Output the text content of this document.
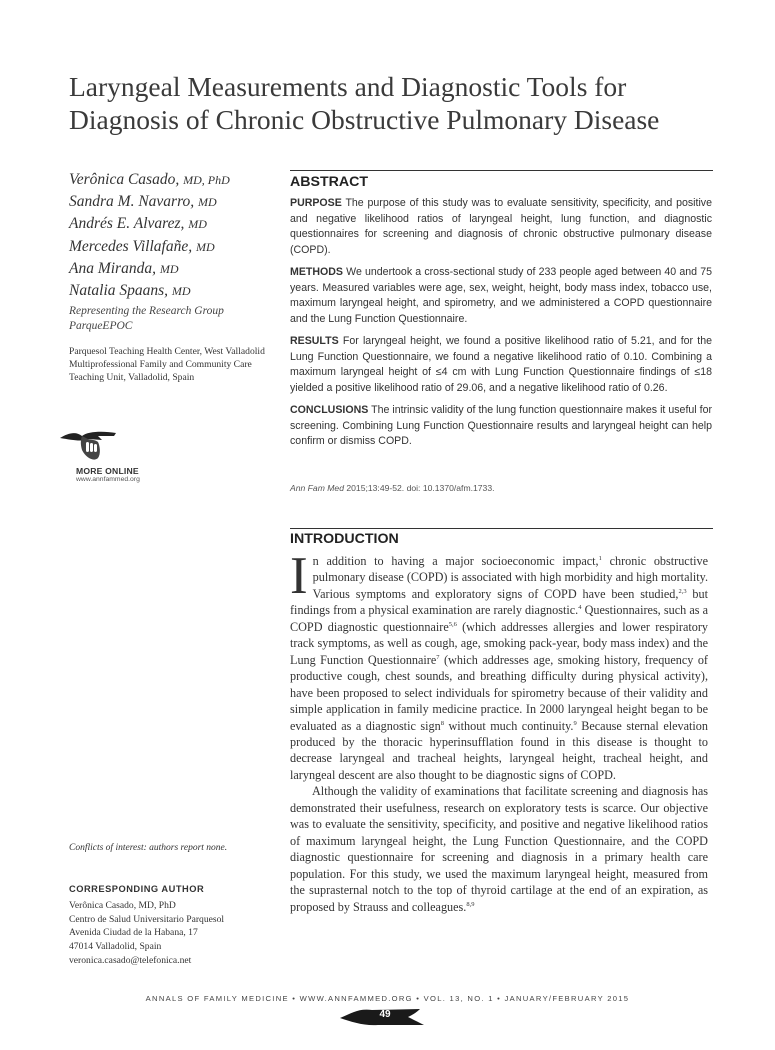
Laryngeal Measurements and Diagnostic Tools for Diagnosis of Chronic Obstructive Pulmonary Disease
Verônica Casado, MD, PhD
Sandra M. Navarro, MD
Andrés E. Alvarez, MD
Mercedes Villafañe, MD
Ana Miranda, MD
Natalia Spaans, MD
Representing the Research Group ParqueEPOC
Parquesol Teaching Health Center, West Valladolid Multiprofessional Family and Community Care Teaching Unit, Valladolid, Spain
MORE ONLINE
www.annfammed.org
Conflicts of interest: authors report none.
CORRESPONDING AUTHOR
Verônica Casado, MD, PhD
Centro de Salud Universitario Parquesol
Avenida Ciudad de la Habana, 17
47014 Valladolid, Spain
veronica.casado@telefonica.net
ABSTRACT

PURPOSE The purpose of this study was to evaluate sensitivity, specificity, and positive and negative likelihood ratios of laryngeal height, lung function, and diagnostic questionnaires for screening and diagnosis of chronic obstructive pulmonary disease (COPD).

METHODS We undertook a cross-sectional study of 233 people aged between 40 and 75 years. Measured variables were age, sex, weight, height, body mass index, tobacco use, maximum laryngeal height, and spirometry, and we administered a COPD questionnaire and the Lung Function Questionnaire.

RESULTS For laryngeal height, we found a positive likelihood ratio of 5.21, and for the Lung Function Questionnaire, we found a negative likelihood ratio of 0.10. Combining a maximum laryngeal height of ≤4 cm with Lung Function Questionnaire findings of ≤18 yielded a positive likelihood ratio of 29.06, and a negative likelihood ratio of 0.26.

CONCLUSIONS The intrinsic validity of the lung function questionnaire makes it useful for screening. Combining Lung Function Questionnaire results and laryngeal height can help confirm or dismiss COPD.

Ann Fam Med 2015;13:49-52. doi: 10.1370/afm.1733.
INTRODUCTION

In addition to having a major socioeconomic impact,$^1$ chronic obstructive pulmonary disease (COPD) is associated with high morbidity and high mortality. Various symptoms and exploratory signs of COPD have been studied,$^{2,3}$ but findings from a physical examination are rarely diagnostic.$^4$ Questionnaires, such as a COPD diagnostic questionnaire$^{5,6}$ (which addresses allergies and lower respiratory track symptoms, as well as cough, age, smoking pack-year, body mass index) and the Lung Function Questionnaire$^7$ (which addresses age, smoking history, frequency of productive cough, chest sounds, and breathing difficulty during physical activity), have been proposed to select individuals for spirometry because of their validity and simple application in family medicine practice. In 2000 laryngeal height began to be evaluated as a diagnostic sign$^8$ without much continuity.$^9$ Because sternal elevation produced by the thoracic hyperinsufflation found in this disease is thought to decrease laryngeal and tracheal heights, laryngeal height, tracheal height, and laryngeal descent are also thought to be diagnostic signs of COPD.

Although the validity of examinations that facilitate screening and diagnosis has demonstrated their usefulness, research on exploratory tests is scarce. Our objective was to evaluate the sensitivity, specificity, and positive and negative likelihood ratios of maximum laryngeal height, the Lung Function Questionnaire, and the COPD diagnostic questionnaire for screening and diagnosis in a primary health care population. For this study, we used the maximum laryngeal height, measured from the suprasternal notch to the top of thyroid cartilage at the end of an expiration, as proposed by Strauss and colleagues.$^{8,9}$

ANNALS OF FAMILY MEDICINE • WWW.ANNFAMMED.ORG • VOL. 13, NO. 1 • JANUARY/FEBRUARY 2015
49
